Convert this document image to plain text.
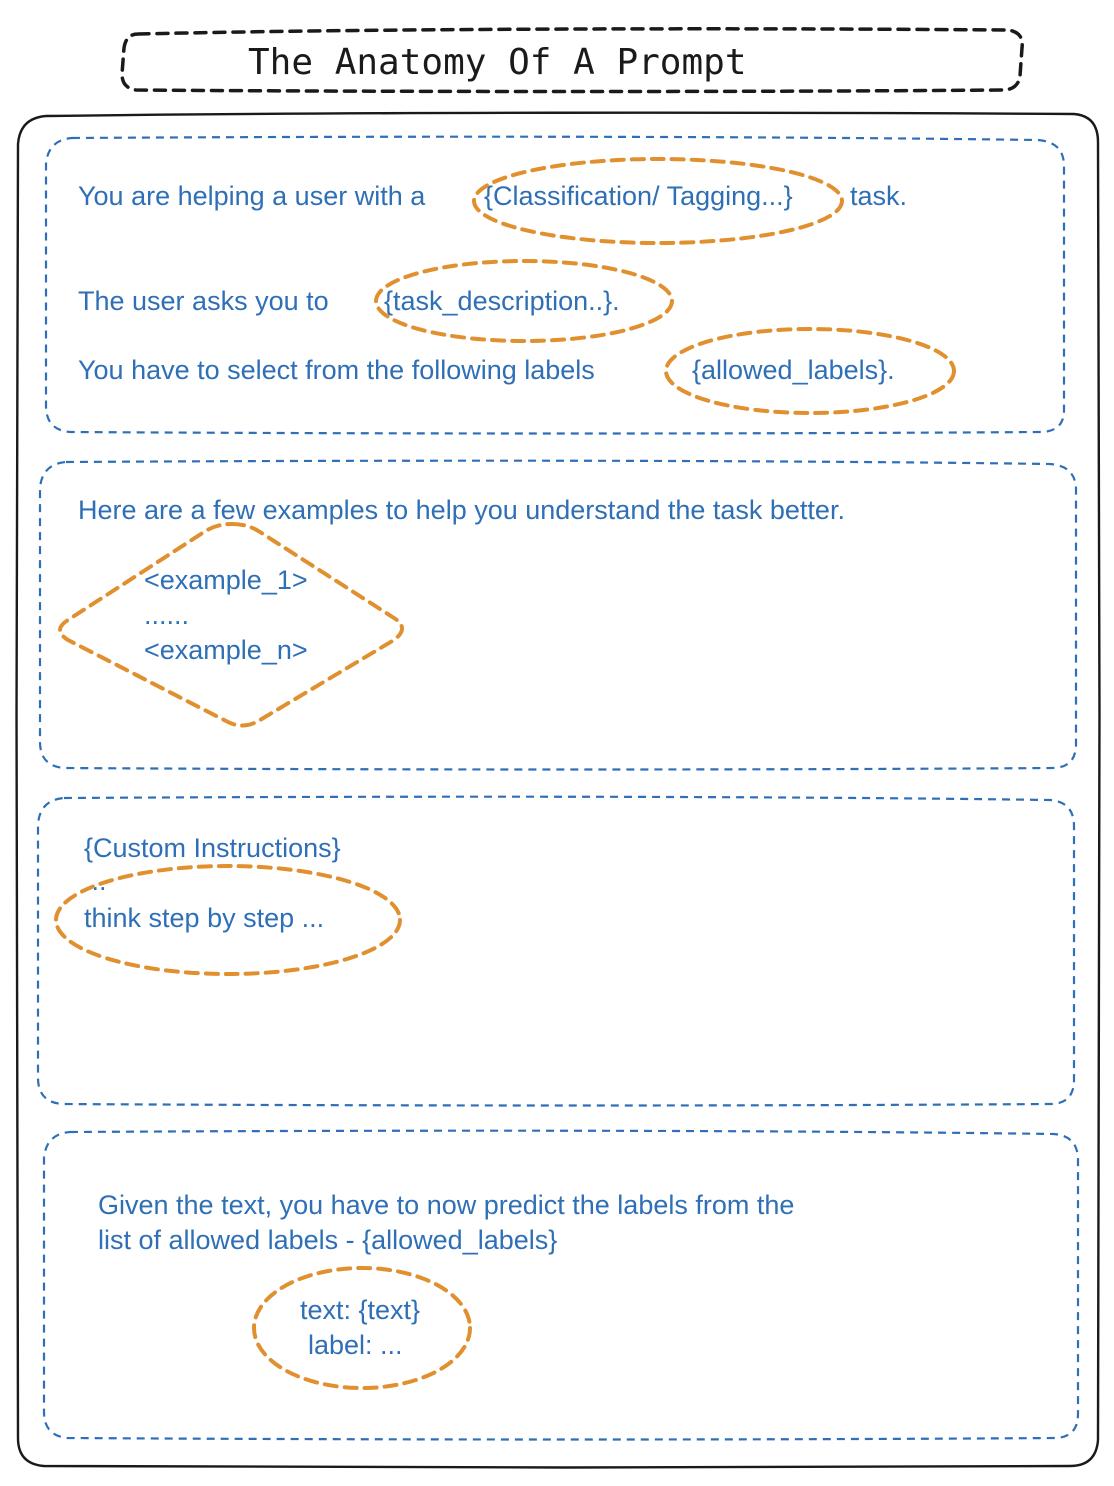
The Anatomy Of A Prompt
You are helping a user with a {Classification/ Tagging...} task.
The user asks you to {task_description..}.
You have to select from the following labels	{allowed_labels}.
Here are a few examples to help you understand the task better.
<example_1>
......
<example_n>
{Custom Instructions}
...
think step by step ...
Given the text, you have to now predict the labels from the
list of allowed labels - {allowed_labels}
text: {text}
label: ...
